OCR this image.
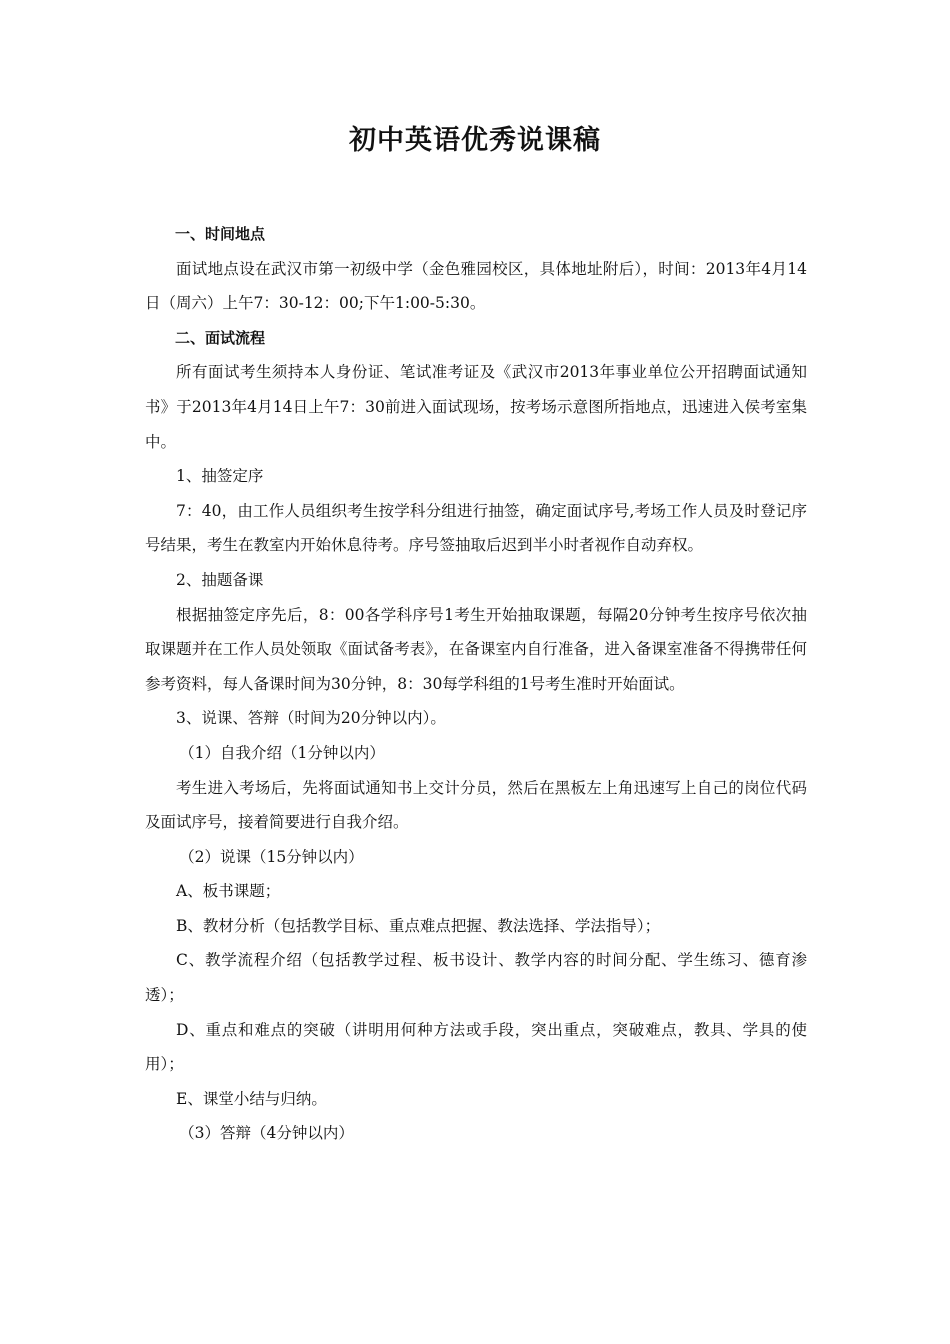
初中英语优秀说课稿

一、时间地点

面试地点设在武汉市第一初级中学（金色雅园校区，具体地址附后），时间：2013年4月14日（周六）上午7：30-12：00;下午1:00-5:30。

二、面试流程

所有面试考生须持本人身份证、笔试准考证及《武汉市2013年事业单位公开招聘面试通知书》于2013年4月14日上午7：30前进入面试现场，按考场示意图所指地点，迅速进入侯考室集中。

1、抽签定序

7：40，由工作人员组织考生按学科分组进行抽签，确定面试序号,考场工作人员及时登记序号结果，考生在教室内开始休息待考。序号签抽取后迟到半小时者视作自动弃权。

2、抽题备课

根据抽签定序先后，8：00各学科序号1考生开始抽取课题，每隔20分钟考生按序号依次抽取课题并在工作人员处领取《面试备考表》，在备课室内自行准备，进入备课室准备不得携带任何参考资料，每人备课时间为30分钟，8：30每学科组的1号考生准时开始面试。

3、说课、答辩（时间为20分钟以内）。

（1）自我介绍（1分钟以内）

考生进入考场后，先将面试通知书上交计分员，然后在黑板左上角迅速写上自己的岗位代码及面试序号，接着简要进行自我介绍。

（2）说课（15分钟以内）

A、板书课题；

B、教材分析（包括教学目标、重点难点把握、教法选择、学法指导）；

C、教学流程介绍（包括教学过程、板书设计、教学内容的时间分配、学生练习、德育渗透）；

D、重点和难点的突破（讲明用何种方法或手段，突出重点，突破难点，教具、学具的使用）；

E、课堂小结与归纳。

（3）答辩（4分钟以内）
